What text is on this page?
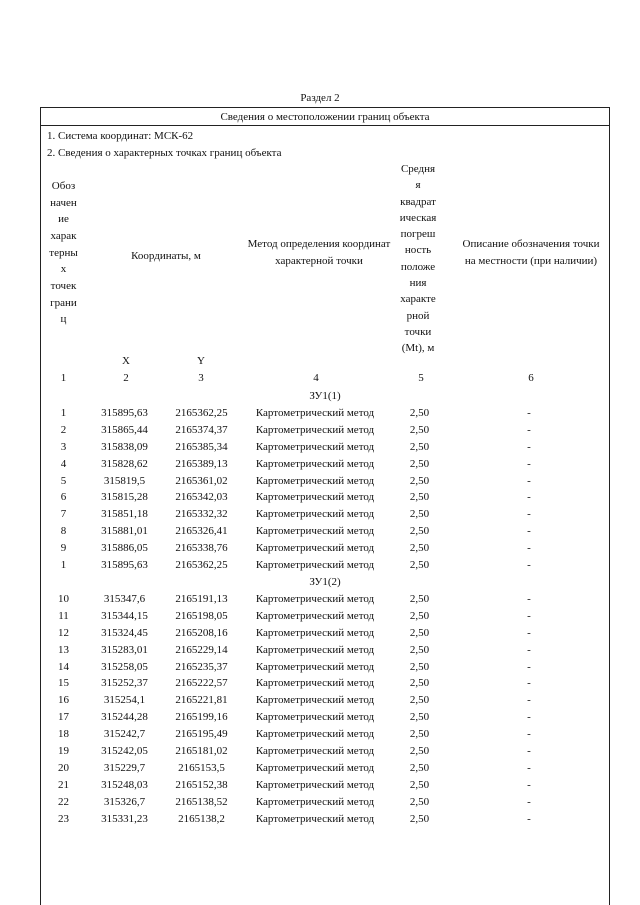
Раздел 2
Сведения о местоположении границ объекта
1. Система координат: МСК-62
2. Сведения о характерных точках границ объекта
Обоз
начен
ие
харак
терны
х
точек
грани
ц
Координаты, м
Метод определения координат характерной точки
Средня
я
квадрат
ическая
погреш
ность
положе
ния
характе
рной
точки
(Mt), м
Описание обозначения точки на местности (при наличии)
X	Y
1	2	3	4	5	6
ЗУ1(1)					
1	315895,63	2165362,25	Картометрический метод	2,50	-
2	315865,44	2165374,37	Картометрический метод	2,50	-
3	315838,09	2165385,34	Картометрический метод	2,50	-
4	315828,62	2165389,13	Картометрический метод	2,50	-
5	315819,5	2165361,02	Картометрический метод	2,50	-
6	315815,28	2165342,03	Картометрический метод	2,50	-
7	315851,18	2165332,32	Картометрический метод	2,50	-
8	315881,01	2165326,41	Картометрический метод	2,50	-
9	315886,05	2165338,76	Картометрический метод	2,50	-
1	315895,63	2165362,25	Картометрический метод	2,50	-
ЗУ1(2)					
10	315347,6	2165191,13	Картометрический метод	2,50	-
11	315344,15	2165198,05	Картометрический метод	2,50	-
12	315324,45	2165208,16	Картометрический метод	2,50	-
13	315283,01	2165229,14	Картометрический метод	2,50	-
14	315258,05	2165235,37	Картометрический метод	2,50	-
15	315252,37	2165222,57	Картометрический метод	2,50	-
16	315254,1	2165221,81	Картометрический метод	2,50	-
17	315244,28	2165199,16	Картометрический метод	2,50	-
18	315242,7	2165195,49	Картометрический метод	2,50	-
19	315242,05	2165181,02	Картометрический метод	2,50	-
20	315229,7	2165153,5	Картометрический метод	2,50	-
21	315248,03	2165152,38	Картометрический метод	2,50	-
22	315326,7	2165138,52	Картометрический метод	2,50	-
23	315331,23	2165138,2	Картометрический метод	2,50	-
